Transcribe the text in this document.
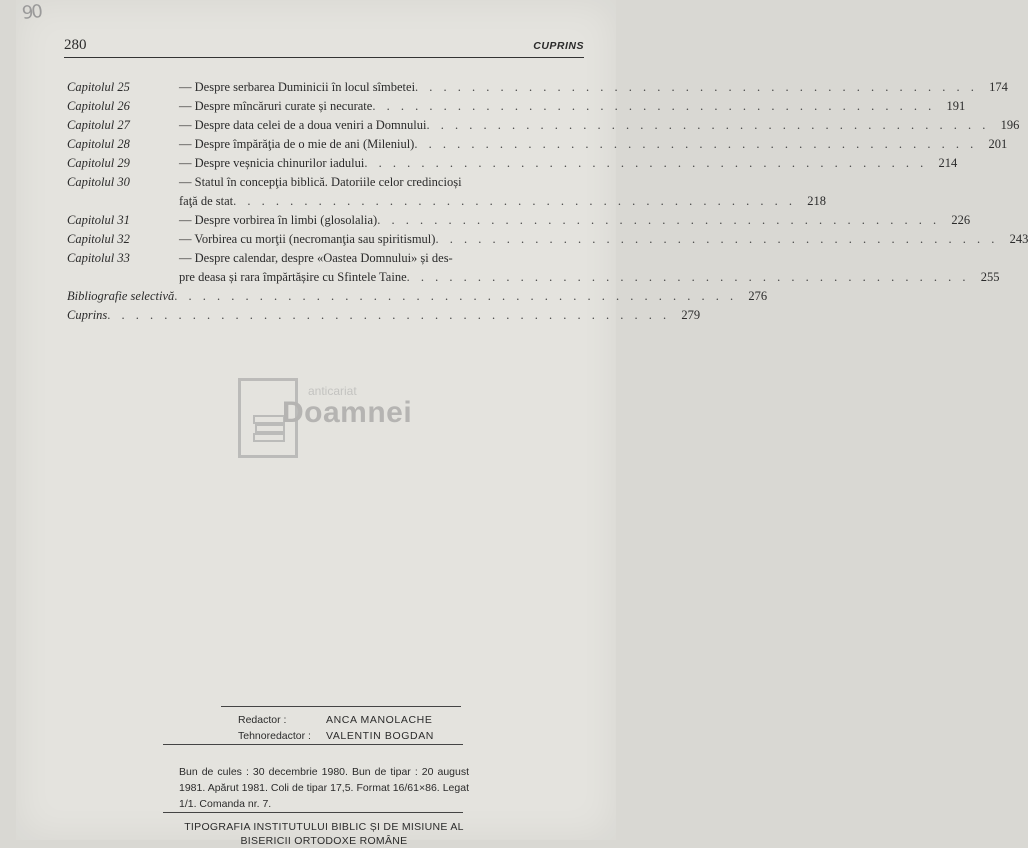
90
280	CUPRINS
anticariat
Doamnei
Capitolul 25	— Despre serbarea Duminicii în locul sîmbetei . . . . . . . . . . . . . . . . . . . . . . . . . . . . . . . . . . . . . . . . 174
Capitolul 26	— Despre mîncăruri curate și necurate . . . . . . . . . . . . . . . . . . . . . . . . . . . . . . . . . . . . . . . . 191
Capitolul 27	— Despre data celei de a doua veniri a Domnului . . . . . . . . . . . . . . . . . . . . . . . . . . . . . . . . . . . . . . . . 196
Capitolul 28	— Despre împărăţia de o mie de ani (Mileniul) . . . . . . . . . . . . . . . . . . . . . . . . . . . . . . . . . . . . . . . . 201
Capitolul 29	— Despre veșnicia chinurilor iadului . . . . . . . . . . . . . . . . . . . . . . . . . . . . . . . . . . . . . . . . 214
Capitolul 30	— Statul în concepţia biblică. Datoriile celor credincioși
faţă de stat . . . . . . . . . . . . . . . . . . . . . . . . . . . . . . . . . . . . . . . . 218
Capitolul 31	— Despre vorbirea în limbi (glosolalia) . . . . . . . . . . . . . . . . . . . . . . . . . . . . . . . . . . . . . . . . 226
Capitolul 32	— Vorbirea cu morţii (necromanţia sau spiritismul) . . . . . . . . . . . . . . . . . . . . . . . . . . . . . . . . . . . . . . . . 243
Capitolul 33	— Despre calendar, despre «Oastea Domnului» și des-
pre deasa și rara împărtășire cu Sfintele Taine . . . . . . . . . . . . . . . . . . . . . . . . . . . . . . . . . . . . . . . . 255
Bibliografie selectivă . . . . . . . . . . . . . . . . . . . . . . . . . . . . . . . . . . . . . . . . 276
Cuprins . . . . . . . . . . . . . . . . . . . . . . . . . . . . . . . . . . . . . . . . 279
Redactor :	ANCA MANOLACHE
Tehnoredactor :	VALENTIN BOGDAN
Bun de cules : 30 decembrie 1980. Bun de tipar : 20 august 1981. Apărut 1981. Coli de tipar 17,5. Format 16/61×86. Legat 1/1. Comanda nr. 7.
TIPOGRAFIA INSTITUTULUI BIBLIC ȘI DE MISIUNE AL BISERICII ORTODOXE ROMÂNE
